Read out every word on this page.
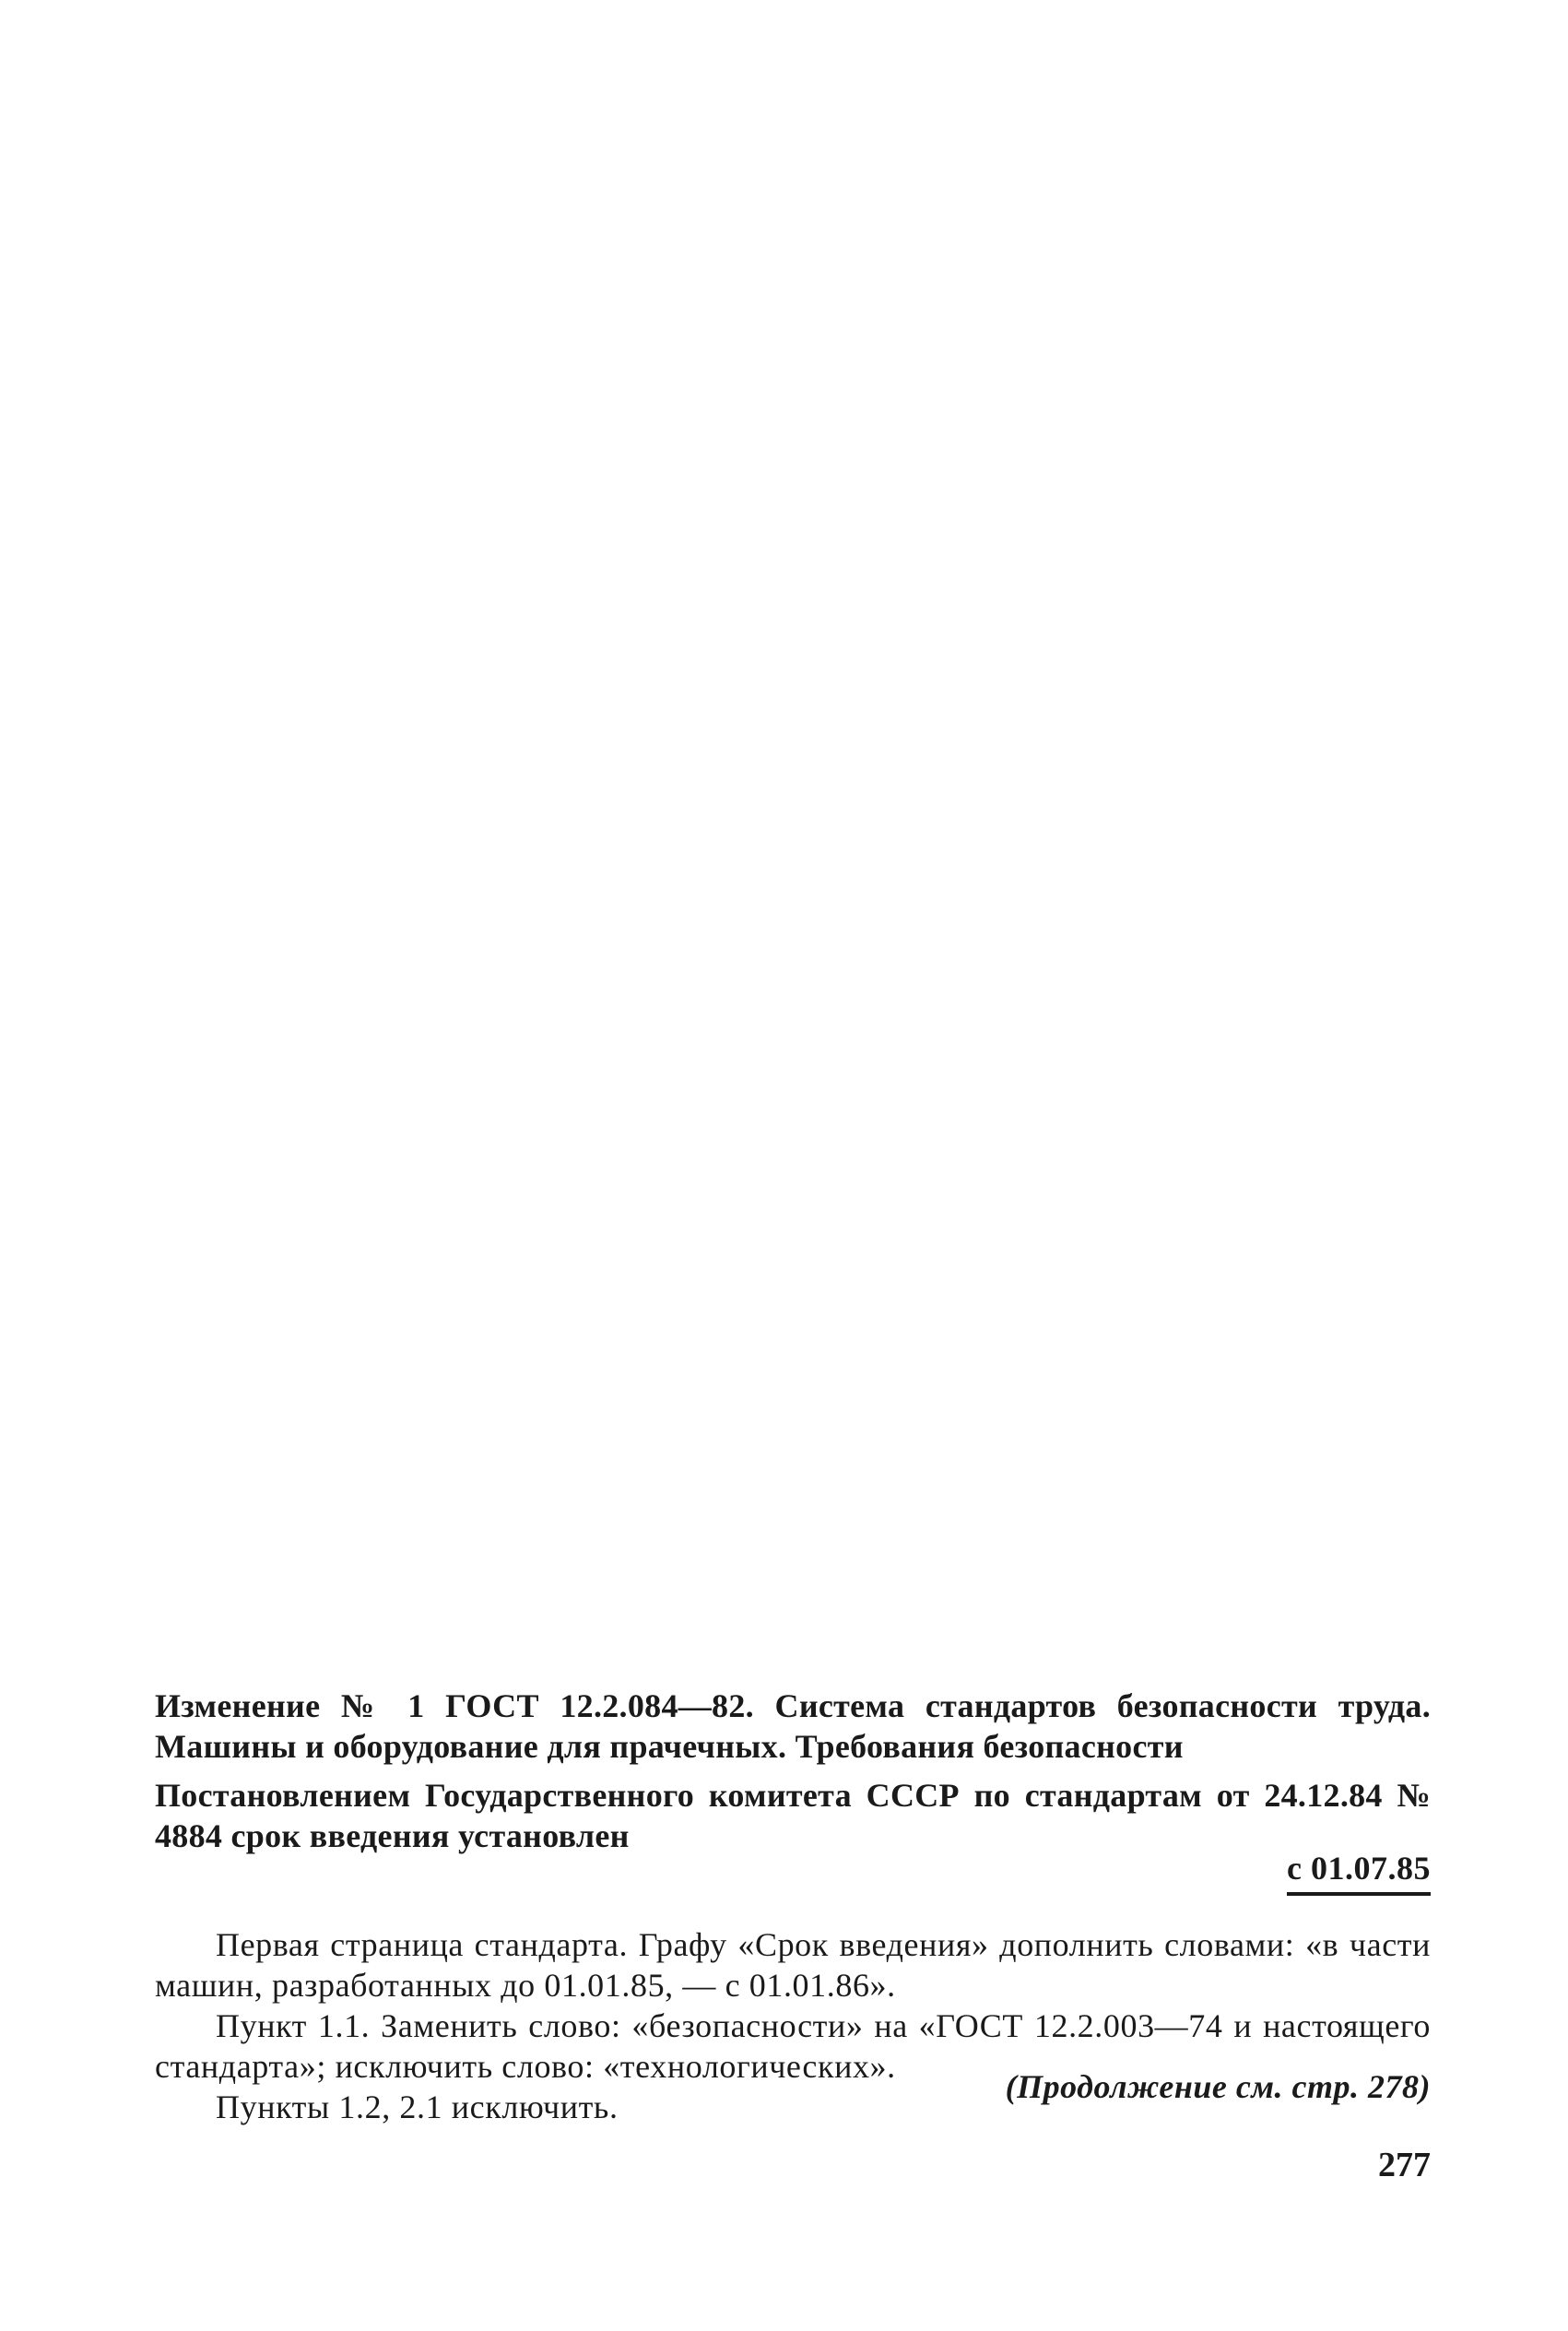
Изменение № 1 ГОСТ 12.2.084—82. Система стандартов безопасности труда. Машины и оборудование для прачечных. Требования безопасности

Постановлением Государственного комитета СССР по стандартам от 24.12.84 № 4884 срок введения установлен

с 01.07.85

Первая страница стандарта. Графу «Срок введения» дополнить словами: «в части машин, разработанных до 01.01.85, — с 01.01.86».

Пункт 1.1. Заменить слово: «безопасности» на «ГОСТ 12.2.003—74 и настоящего стандарта»; исключить слово: «технологических».

Пункты 1.2, 2.1 исключить.

(Продолжение см. стр. 278)
277
